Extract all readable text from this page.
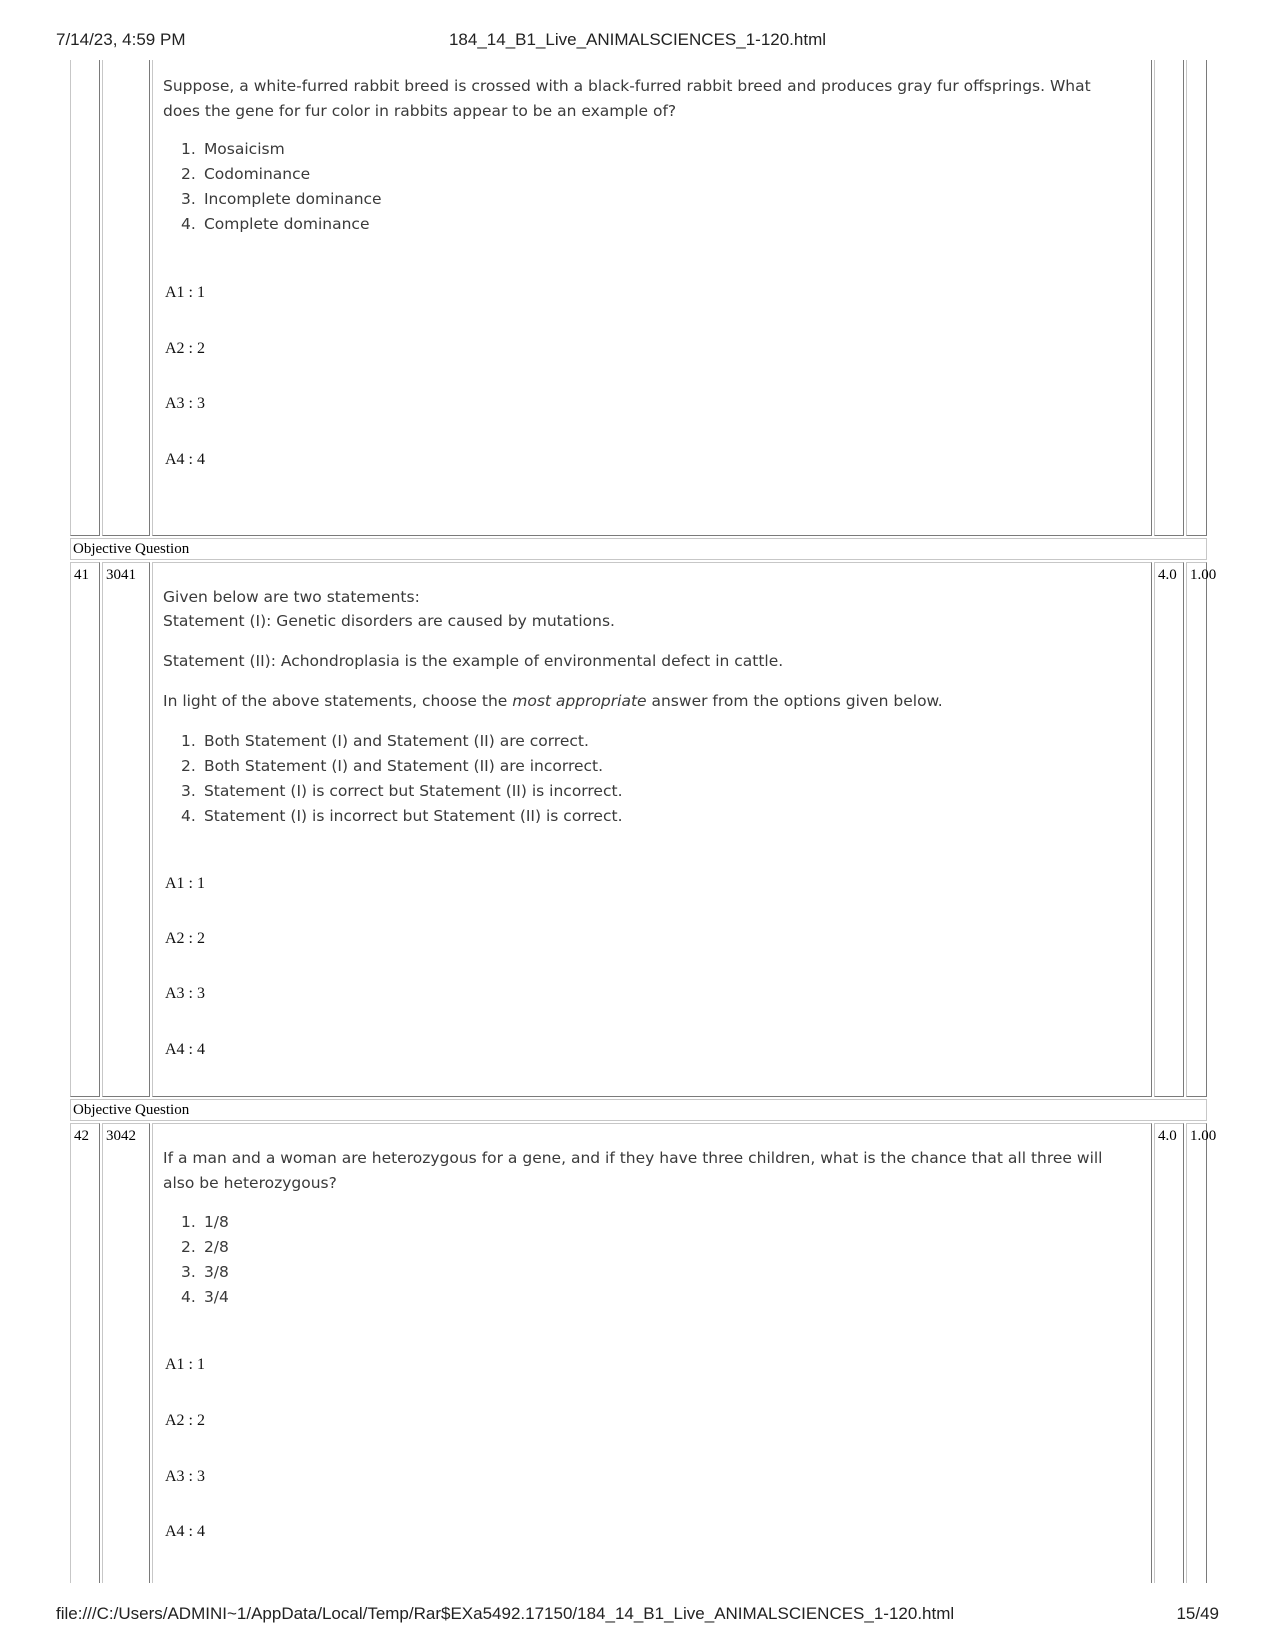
7/14/23, 4:59 PM	184_14_B1_Live_ANIMALSCIENCES_1-120.html

Suppose, a white-furred rabbit breed is crossed with a black-furred rabbit breed and produces gray fur offsprings. What does the gene for fur color in rabbits appear to be an example of?

1. Mosaicism
2. Codominance
3. Incomplete dominance
4. Complete dominance
A1 : 1
A2 : 2
A3 : 3
A4 : 4
Objective Question
41	3041

Given below are two statements:

Statement (I): Genetic disorders are caused by mutations.

Statement (II): Achondroplasia is the example of environmental defect in cattle.

In light of the above statements, choose the most appropriate answer from the options given below.

1. Both Statement (I) and Statement (II) are correct.
2. Both Statement (I) and Statement (II) are incorrect.
3. Statement (I) is correct but Statement (II) is incorrect.
4. Statement (I) is incorrect but Statement (II) is correct.
A1 : 1
A2 : 2
A3 : 3
A4 : 4
4.0 1.00
Objective Question
42	3042

If a man and a woman are heterozygous for a gene, and if they have three children, what is the chance that all three will also be heterozygous?

1. 1/8
2. 2/8
3. 3/8
4. 3/4
A1 : 1
A2 : 2
A3 : 3
A4 : 4
4.0 1.00
file:///C:/Users/ADMINI~1/AppData/Local/Temp/Rar$EXa5492.17150/184_14_B1_Live_ANIMALSCIENCES_1-120.html	15/49
